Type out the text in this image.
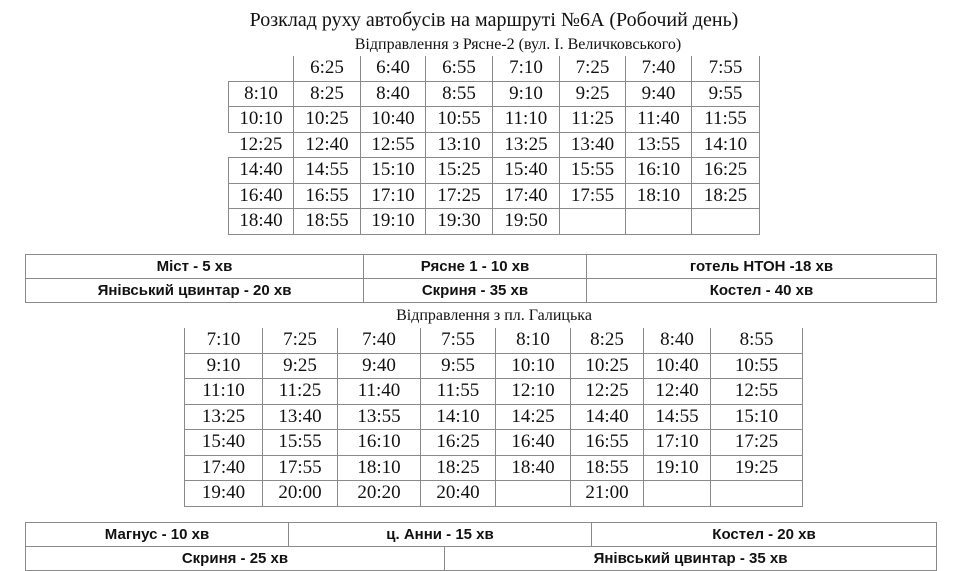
Розклад руху автобусів на маршруті №6А (Робочий день)
Відправлення з Рясне-2 (вул. І. Величковського)
	6:25	6:40	6:55	7:10	7:25	7:40	7:55
8:10	8:25	8:40	8:55	9:10	9:25	9:40	9:55
10:10	10:25	10:40	10:55	11:10	11:25	11:40	11:55
12:25	12:40	12:55	13:10	13:25	13:40	13:55	14:10
14:40	14:55	15:10	15:25	15:40	15:55	16:10	16:25
16:40	16:55	17:10	17:25	17:40	17:55	18:10	18:25
18:40	18:55	19:10	19:30	19:50			
Міст - 5 хв	Рясне 1 - 10 хв	готель НТОН -18 хв
Янівський цвинтар - 20 хв	Скриня - 35 хв	Костел - 40 хв
Відправлення з пл. Галицька
7:10	7:25	7:40	7:55	8:10	8:25	8:40	8:55
9:10	9:25	9:40	9:55	10:10	10:25	10:40	10:55
11:10	11:25	11:40	11:55	12:10	12:25	12:40	12:55
13:25	13:40	13:55	14:10	14:25	14:40	14:55	15:10
15:40	15:55	16:10	16:25	16:40	16:55	17:10	17:25
17:40	17:55	18:10	18:25	18:40	18:55	19:10	19:25
19:40	20:00	20:20	20:40		21:00		
Магнус - 10 хв	ц. Анни - 15 хв		Костел - 20 хв
Скриня - 25 хв		Янівський цвинтар - 35 хв	
